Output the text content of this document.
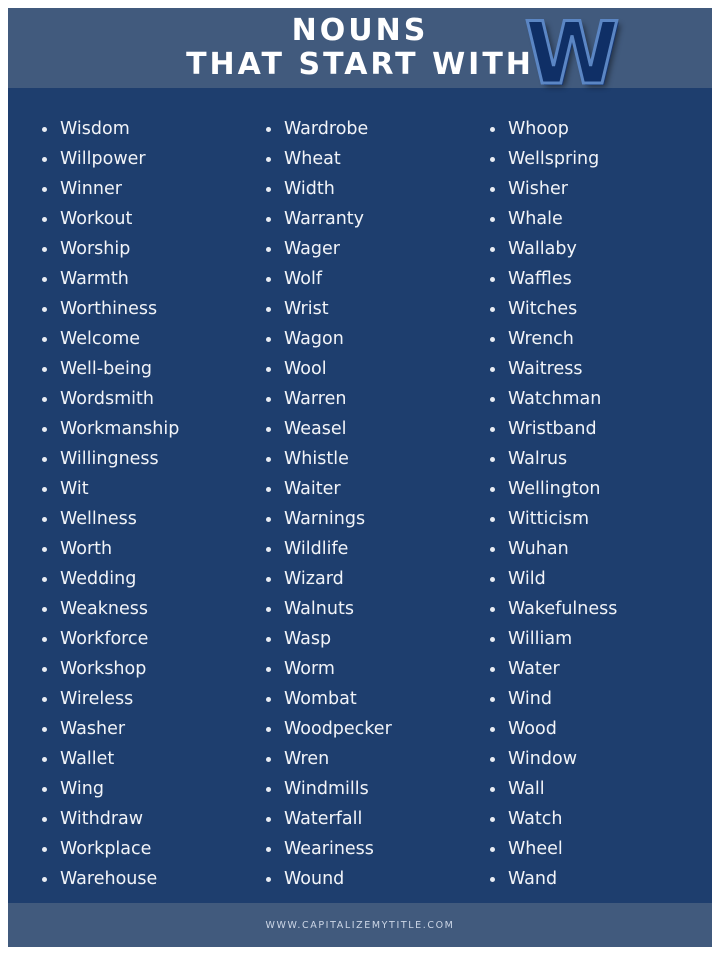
NOUNS
THAT START WITH
W
Wisdom
Willpower
Winner
Workout
Worship
Warmth
Worthiness
Welcome
Well-being
Wordsmith
Workmanship
Willingness
Wit
Wellness
Worth
Wedding
Weakness
Workforce
Workshop
Wireless
Washer
Wallet
Wing
Withdraw
Workplace
Warehouse
Wardrobe
Wheat
Width
Warranty
Wager
Wolf
Wrist
Wagon
Wool
Warren
Weasel
Whistle
Waiter
Warnings
Wildlife
Wizard
Walnuts
Wasp
Worm
Wombat
Woodpecker
Wren
Windmills
Waterfall
Weariness
Wound
Whoop
Wellspring
Wisher
Whale
Wallaby
Waffles
Witches
Wrench
Waitress
Watchman
Wristband
Walrus
Wellington
Witticism
Wuhan
Wild
Wakefulness
William
Water
Wind
Wood
Window
Wall
Watch
Wheel
Wand
WWW.CAPITALIZEMYTITLE.COM
